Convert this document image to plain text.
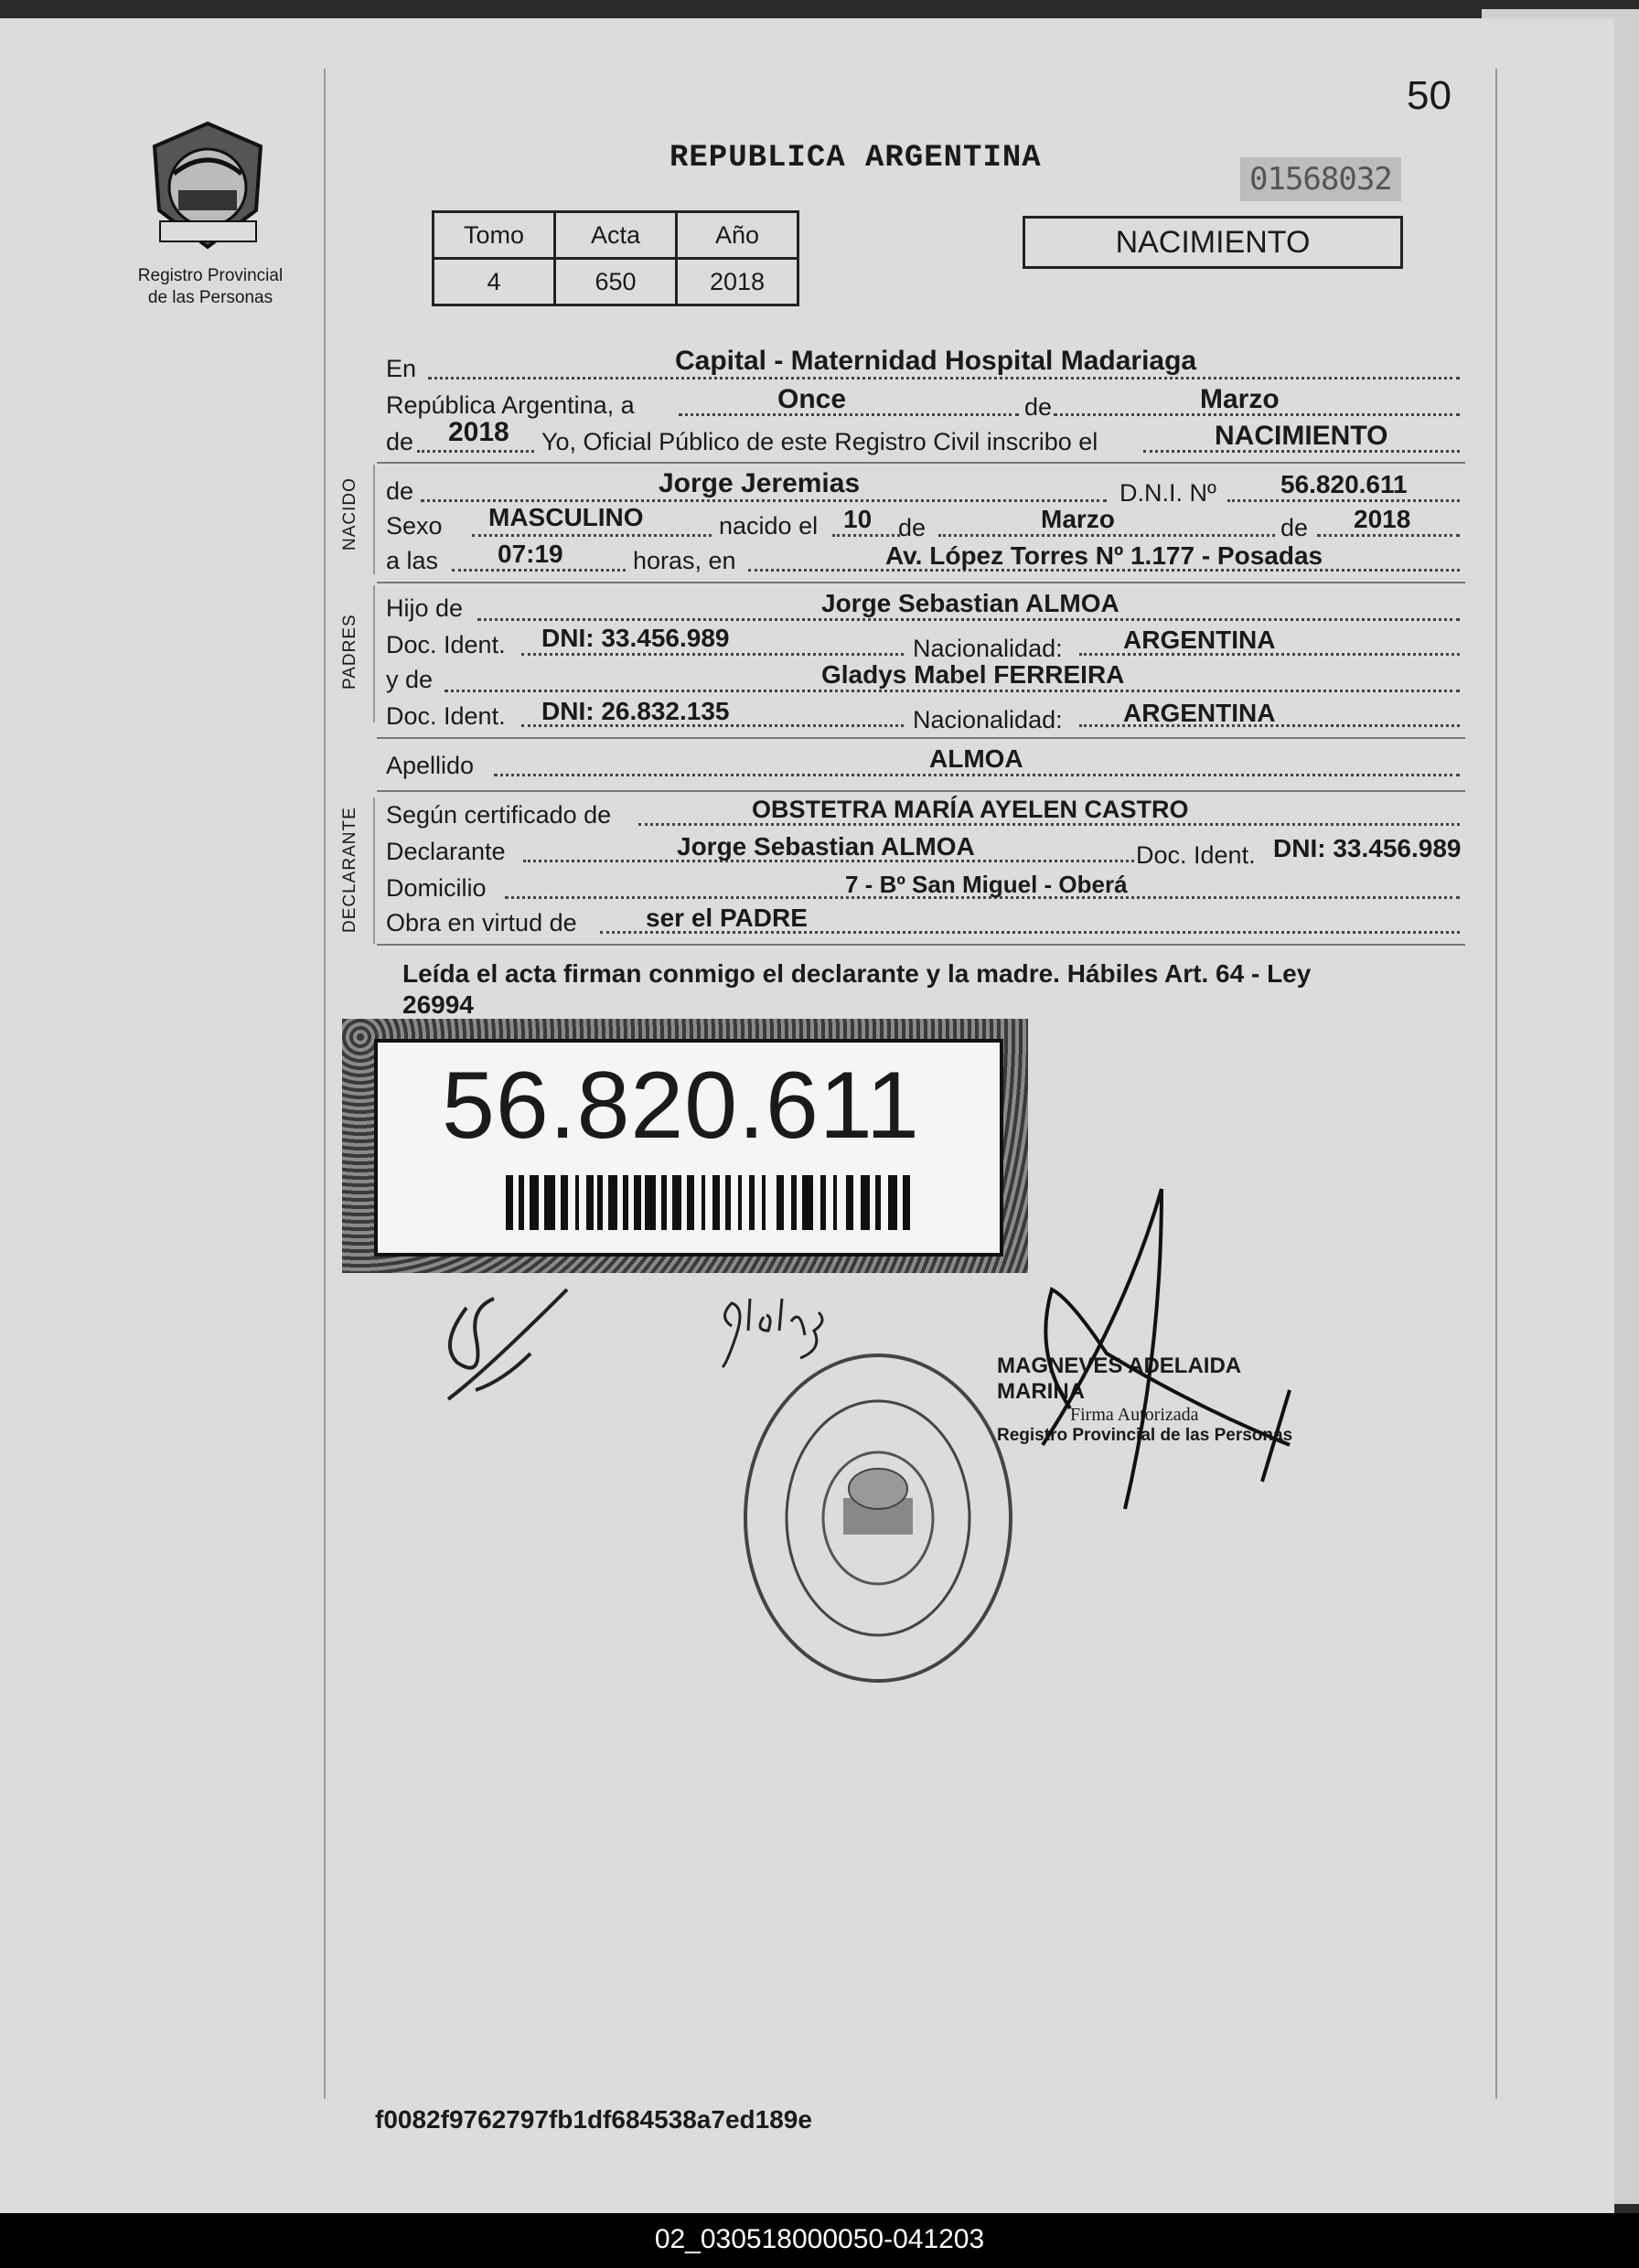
50
Registro Provincial
de las Personas
REPUBLICA ARGENTINA
01568032
Tomo	Acta	Año
4	650	2018
NACIMIENTO
En	Capital - Maternidad Hospital Madariaga
República Argentina, a	Once	de	Marzo
de 2018 Yo, Oficial Público de este Registro Civil inscribo el	NACIMIENTO
NACIDO de	Jorge Jeremias	D.N.I. Nº	56.820.611
Sexo MASCULINO	nacido el 10 de	Marzo	de 2018
a las 07:19	horas, en	Av. López Torres Nº 1.177 - Posadas
PADRES
Hijo de	Jorge Sebastian ALMOA
Doc. Ident. DNI: 33.456.989	Nacionalidad: ARGENTINA
y de	Gladys Mabel FERREIRA
Doc. Ident. DNI: 26.832.135	Nacionalidad: ARGENTINA
Apellido	ALMOA
DECLARANTE Según certificado de	OBSTETRA MARÍA AYELEN CASTRO
Declarante	Jorge Sebastian ALMOA	Doc. Ident. DNI: 33.456.989
Domicilio	7 - Bº San Miguel - Oberá
Obra en virtud de	ser el PADRE
Leída el acta firman conmigo el declarante y la madre. Hábiles Art. 64 - Ley
26994
56.820.611
MAGNEVES ADELAIDA MARINA
Firma Autorizada
Registro Provincial de las Personas
f0082f9762797fb1df684538a7ed189e
02_030518000050-041203
